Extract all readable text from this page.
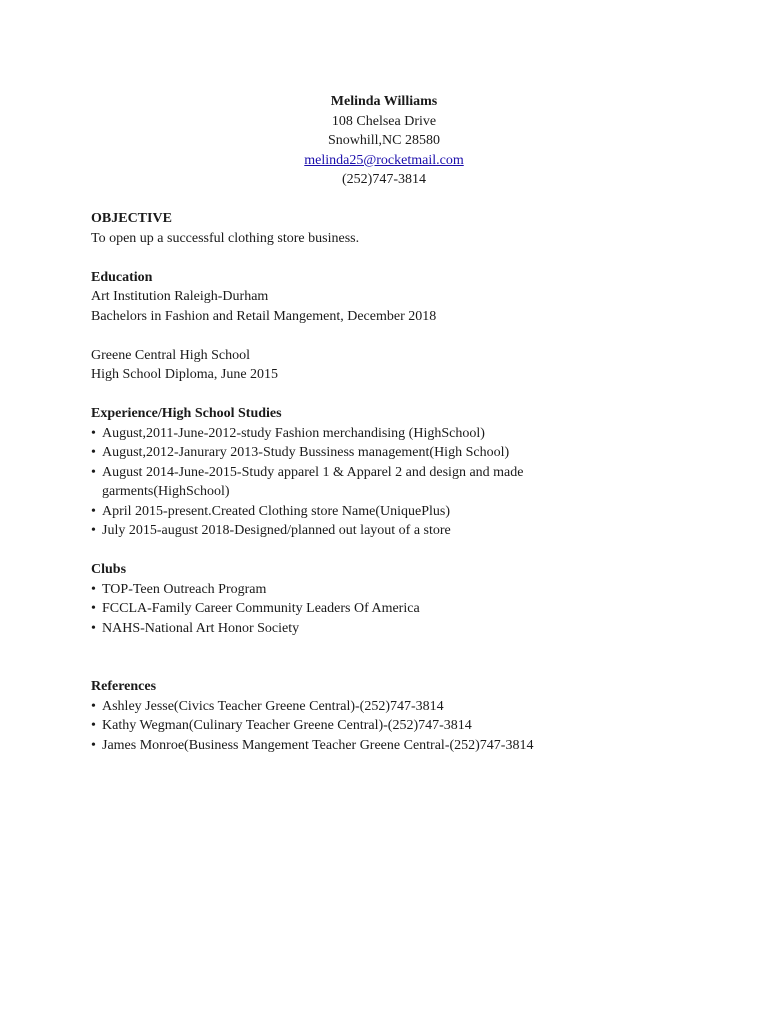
Melinda Williams
108 Chelsea Drive
Snowhill,NC 28580
melinda25@rocketmail.com
(252)747-3814
OBJECTIVE
To open up a successful clothing store business.
Education
Art Institution Raleigh-Durham
Bachelors in Fashion and Retail Mangement, December 2018
Greene Central High School
High School Diploma, June 2015
Experience/High School Studies
• August,2011-June-2012-study Fashion merchandising (HighSchool)
• August,2012-Janurary 2013-Study Bussiness management(High School)
• August 2014-June-2015-Study apparel 1 & Apparel 2 and design and made garments(HighSchool)
• April 2015-present.Created Clothing store Name(UniquePlus)
• July 2015-august 2018-Designed/planned out layout of a store
Clubs
• TOP-Teen Outreach Program
• FCCLA-Family Career Community Leaders Of America
• NAHS-National Art Honor Society
References
• Ashley Jesse(Civics Teacher Greene Central)-(252)747-3814
• Kathy Wegman(Culinary Teacher Greene Central)-(252)747-3814
• James Monroe(Business Mangement Teacher Greene Central-(252)747-3814
